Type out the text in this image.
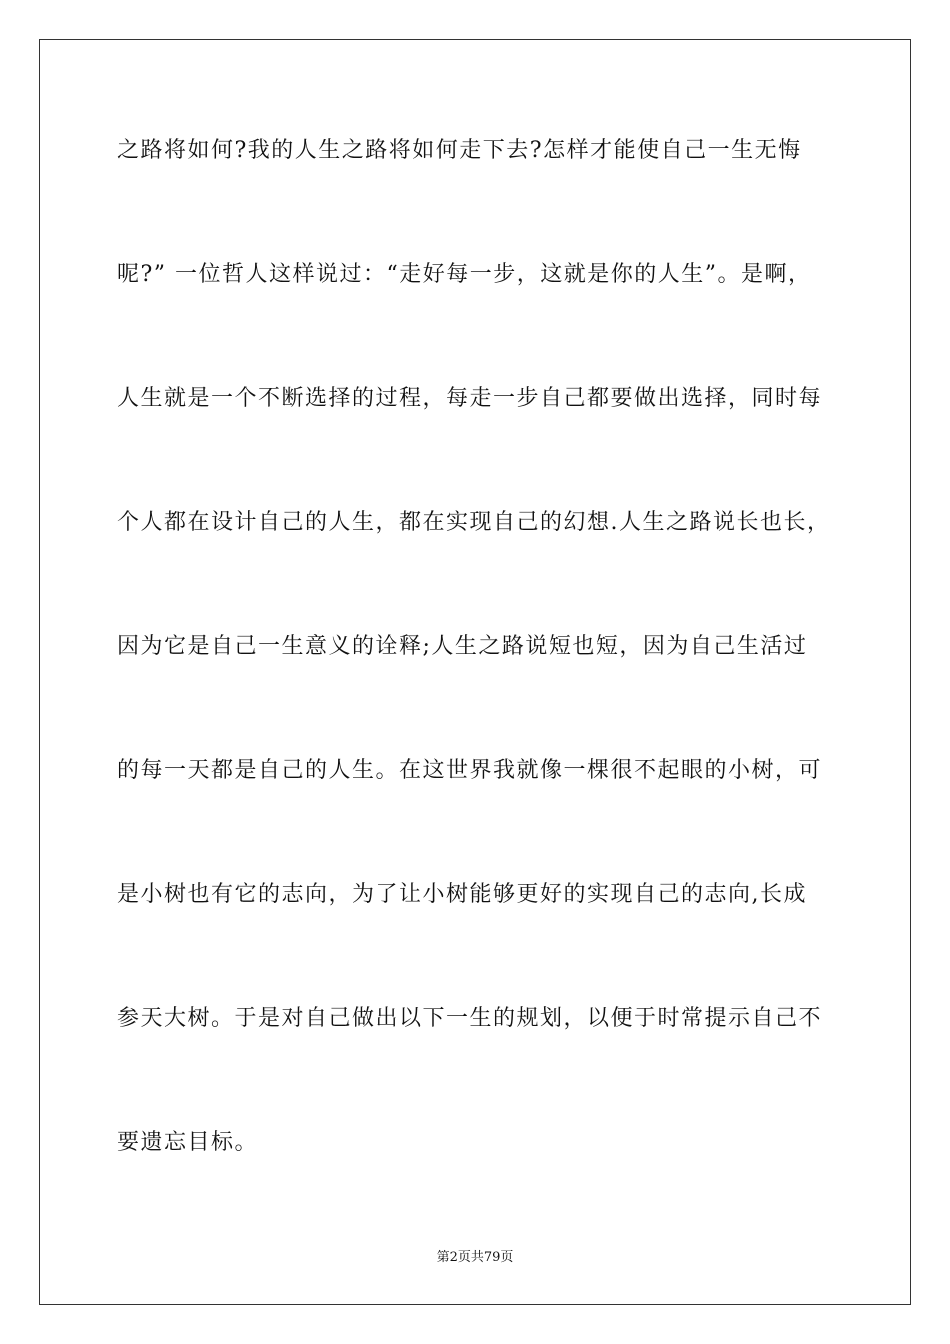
之路将如何?我的人生之路将如何走下去?怎样才能使自己一生无悔
呢?” 一位哲人这样说过：“走好每一步，这就是你的人生”。是啊，
人生就是一个不断选择的过程，每走一步自己都要做出选择，同时每
个人都在设计自己的人生，都在实现自己的幻想.人生之路说长也长，
因为它是自己一生意义的诠释;人生之路说短也短，因为自己生活过
的每一天都是自己的人生。在这世界我就像一棵很不起眼的小树，可
是小树也有它的志向，为了让小树能够更好的实现自己的志向,长成
参天大树。于是对自己做出以下一生的规划，以便于时常提示自己不
要遗忘目标。
第2页共79页
